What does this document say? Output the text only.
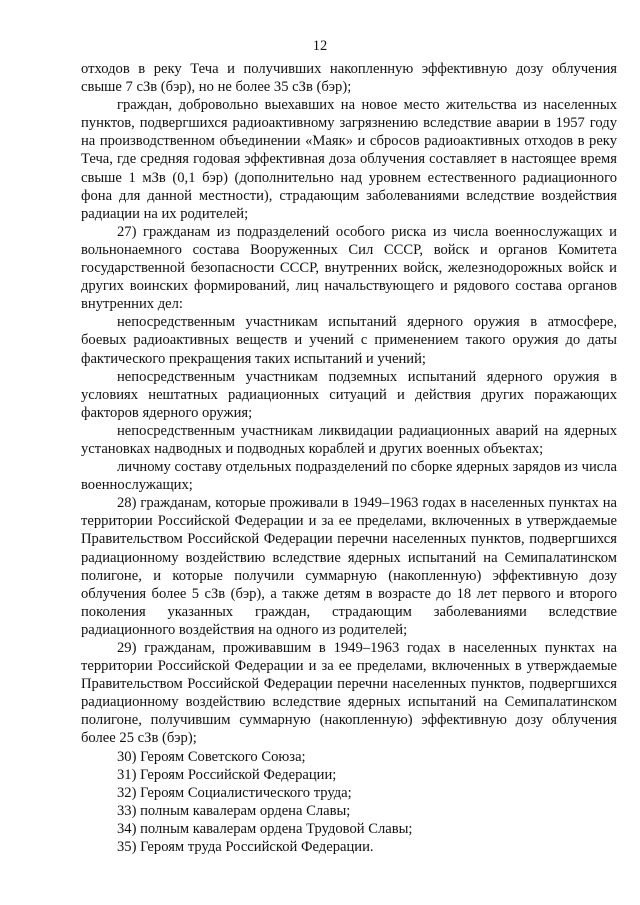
12

отходов в реку Теча и получивших накопленную эффективную дозу облучения свыше 7 сЗв (бэр), но не более 35 сЗв (бэр);

граждан, добровольно выехавших на новое место жительства из населенных пунктов, подвергшихся радиоактивному загрязнению вследствие аварии в 1957 году на производственном объединении «Маяк» и сбросов радиоактивных отходов в реку Теча, где средняя годовая эффективная доза облучения составляет в настоящее время свыше 1 мЗв (0,1 бэр) (дополнительно над уровнем естественного радиационного фона для данной местности), страдающим заболеваниями вследствие воздействия радиации на их родителей;

27) гражданам из подразделений особого риска из числа военнослужащих и вольнонаемного состава Вооруженных Сил СССР, войск и органов Комитета государственной безопасности СССР, внутренних войск, железнодорожных войск и других воинских формирований, лиц начальствующего и рядового состава органов внутренних дел:

непосредственным участникам испытаний ядерного оружия в атмосфере, боевых радиоактивных веществ и учений с применением такого оружия до даты фактического прекращения таких испытаний и учений;

непосредственным участникам подземных испытаний ядерного оружия в условиях нештатных радиационных ситуаций и действия других поражающих факторов ядерного оружия;

непосредственным участникам ликвидации радиационных аварий на ядерных установках надводных и подводных кораблей и других военных объектах;

личному составу отдельных подразделений по сборке ядерных зарядов из числа военнослужащих;

28) гражданам, которые проживали в 1949–1963 годах в населенных пунктах на территории Российской Федерации и за ее пределами, включенных в утверждаемые Правительством Российской Федерации перечни населенных пунктов, подвергшихся радиационному воздействию вследствие ядерных испытаний на Семипалатинском полигоне, и которые получили суммарную (накопленную) эффективную дозу облучения более 5 сЗв (бэр), а также детям в возрасте до 18 лет первого и второго поколения указанных граждан, страдающим заболеваниями вследствие радиационного воздействия на одного из родителей;

29) гражданам, проживавшим в 1949–1963 годах в населенных пунктах на территории Российской Федерации и за ее пределами, включенных в утверждаемые Правительством Российской Федерации перечни населенных пунктов, подвергшихся радиационному воздействию вследствие ядерных испытаний на Семипалатинском полигоне, получившим суммарную (накопленную) эффективную дозу облучения более 25 сЗв (бэр);

30) Героям Советского Союза;

31) Героям Российской Федерации;

32) Героям Социалистического труда;

33) полным кавалерам ордена Славы;

34) полным кавалерам ордена Трудовой Славы;

35) Героям труда Российской Федерации.
